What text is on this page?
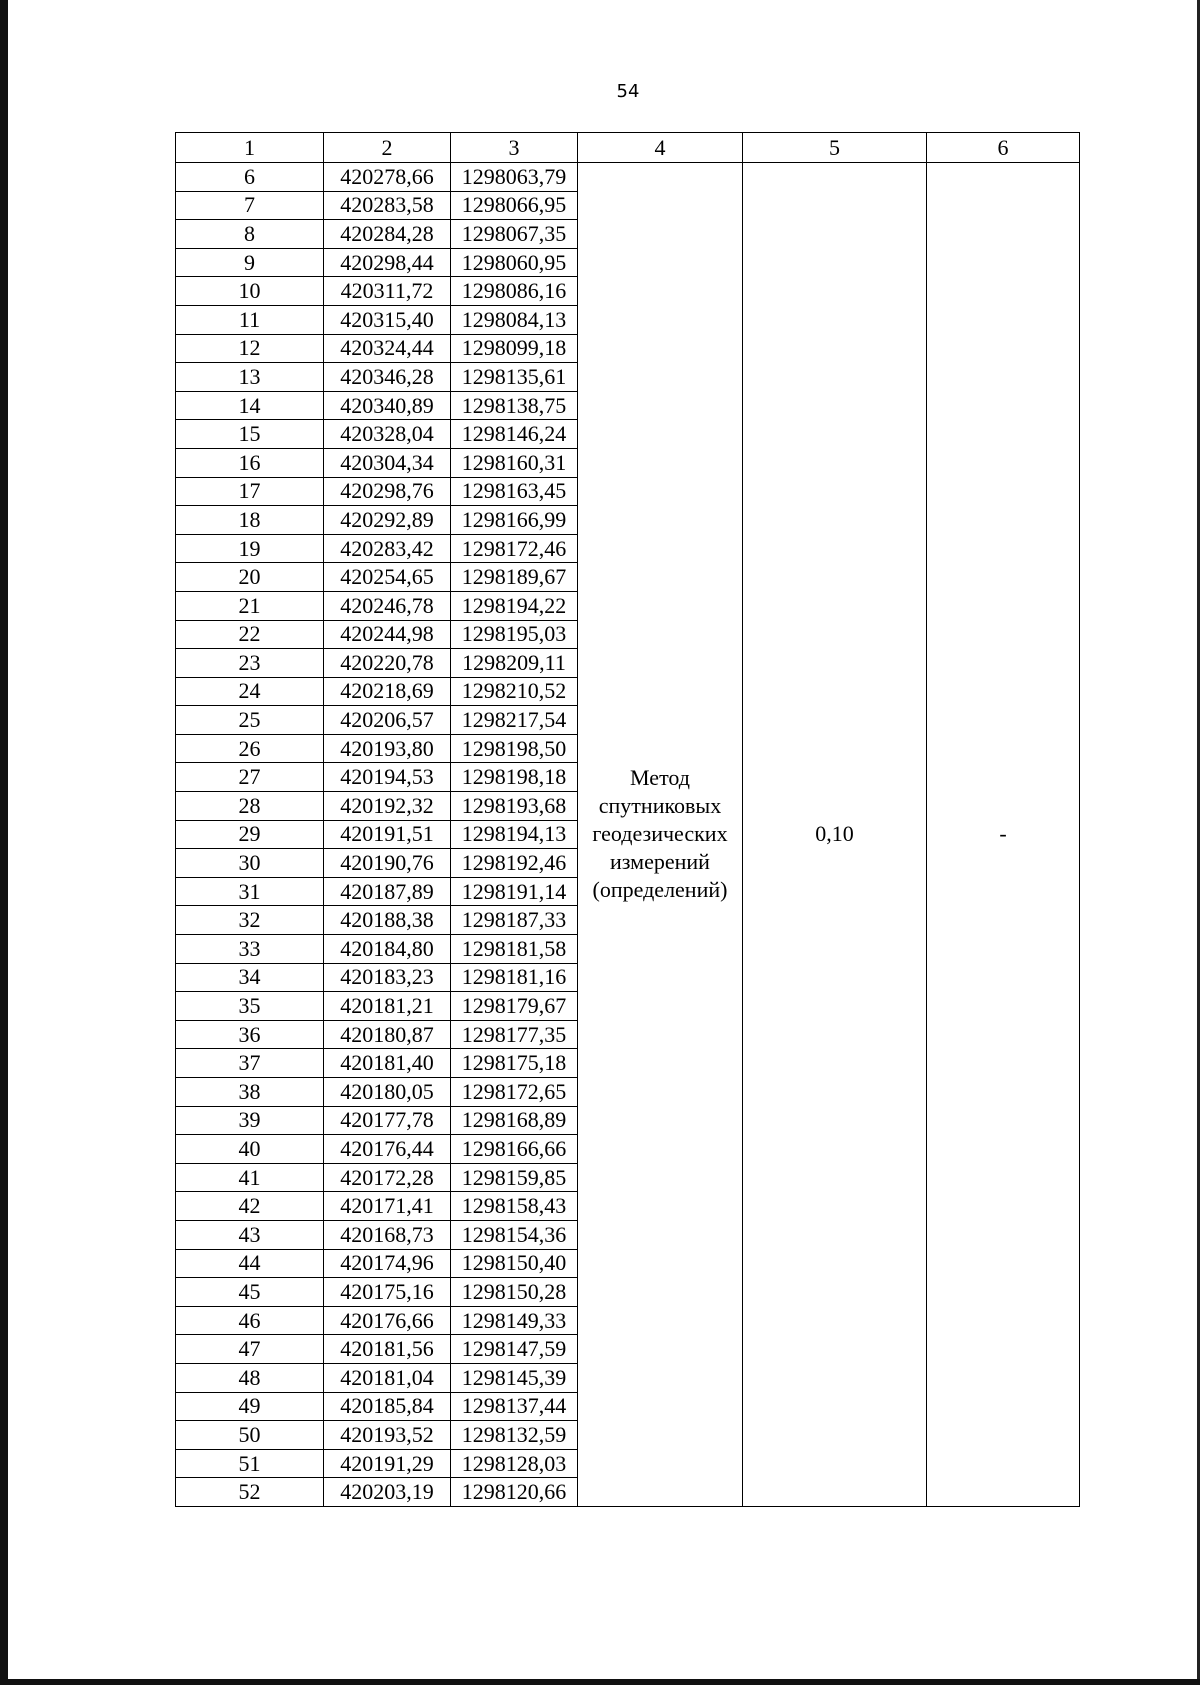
54
1	2	3	4	5	6
6	420278,66	1298063,79	Метод
спутниковых
геодезических
измерений
(определений)	0,10	-
7	420283,58	1298066,95			
8	420284,28	1298067,35			
9	420298,44	1298060,95			
10	420311,72	1298086,16			
11	420315,40	1298084,13			
12	420324,44	1298099,18			
13	420346,28	1298135,61			
14	420340,89	1298138,75			
15	420328,04	1298146,24			
16	420304,34	1298160,31			
17	420298,76	1298163,45			
18	420292,89	1298166,99			
19	420283,42	1298172,46			
20	420254,65	1298189,67			
21	420246,78	1298194,22			
22	420244,98	1298195,03			
23	420220,78	1298209,11			
24	420218,69	1298210,52			
25	420206,57	1298217,54			
26	420193,80	1298198,50			
27	420194,53	1298198,18			
28	420192,32	1298193,68			
29	420191,51	1298194,13			
30	420190,76	1298192,46			
31	420187,89	1298191,14			
32	420188,38	1298187,33			
33	420184,80	1298181,58			
34	420183,23	1298181,16			
35	420181,21	1298179,67			
36	420180,87	1298177,35			
37	420181,40	1298175,18			
38	420180,05	1298172,65			
39	420177,78	1298168,89			
40	420176,44	1298166,66			
41	420172,28	1298159,85			
42	420171,41	1298158,43			
43	420168,73	1298154,36			
44	420174,96	1298150,40			
45	420175,16	1298150,28			
46	420176,66	1298149,33			
47	420181,56	1298147,59			
48	420181,04	1298145,39			
49	420185,84	1298137,44			
50	420193,52	1298132,59			
51	420191,29	1298128,03			
52	420203,19	1298120,66			
